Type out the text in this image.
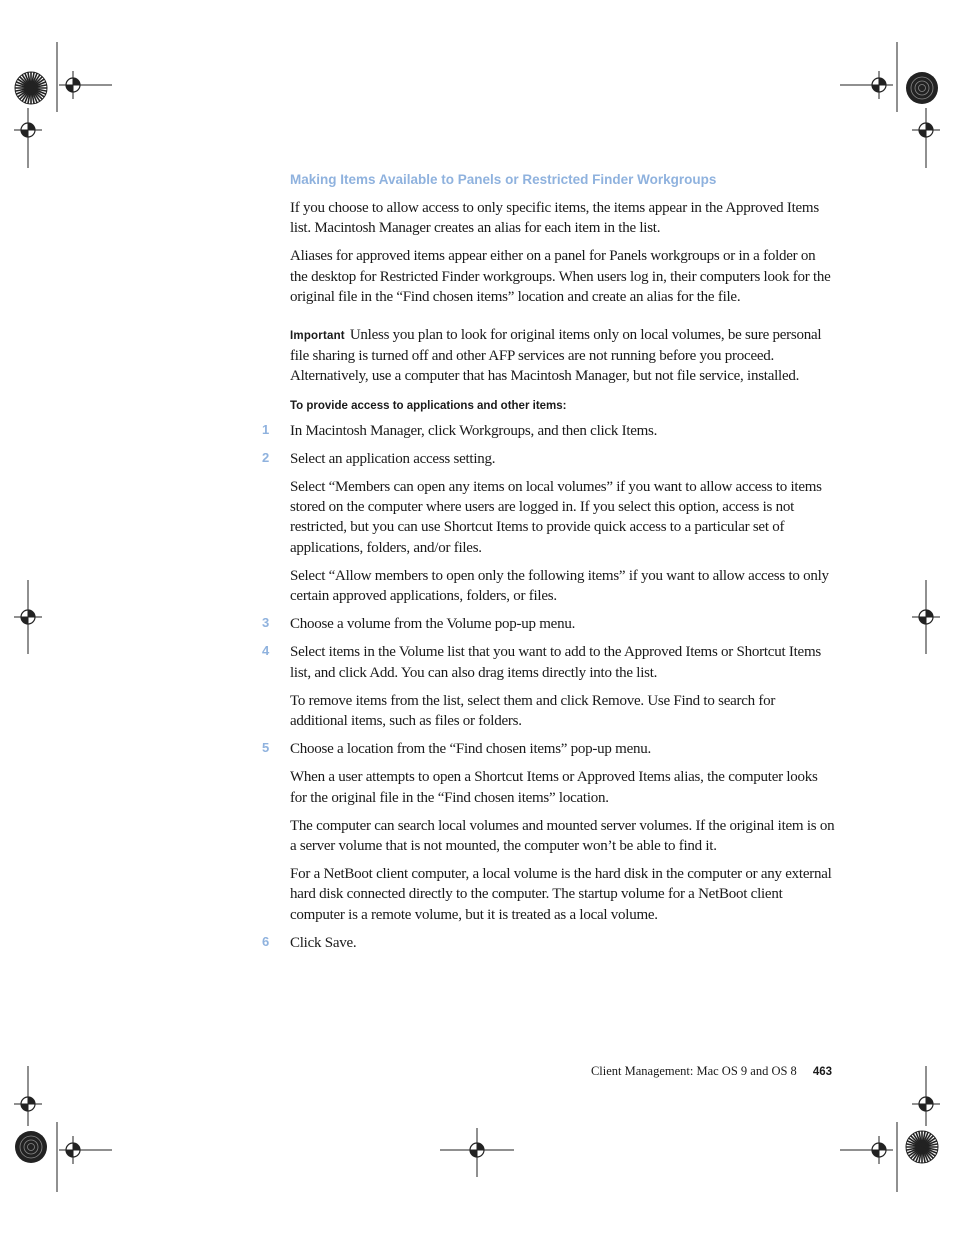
Making Items Available to Panels or Restricted Finder Workgroups

If you choose to allow access to only specific items, the items appear in the Approved Items list. Macintosh Manager creates an alias for each item in the list.

Aliases for approved items appear either on a panel for Panels workgroups or in a folder on the desktop for Restricted Finder workgroups. When users log in, their computers look for the original file in the “Find chosen items” location and create an alias for the file.

Important Unless you plan to look for original items only on local volumes, be sure personal file sharing is turned off and other AFP services are not running before you proceed. Alternatively, use a computer that has Macintosh Manager, but not file service, installed.

To provide access to applications and other items:
1 In Macintosh Manager, click Workgroups, and then click Items.

2 Select an application access setting.

Select “Members can open any items on local volumes” if you want to allow access to items stored on the computer where users are logged in. If you select this option, access is not restricted, but you can use Shortcut Items to provide quick access to a particular set of applications, folders, and/or files.

Select “Allow members to open only the following items” if you want to allow access to only certain approved applications, folders, or files.

3 Choose a volume from the Volume pop-up menu.

4 Select items in the Volume list that you want to add to the Approved Items or Shortcut Items list, and click Add. You can also drag items directly into the list.

To remove items from the list, select them and click Remove. Use Find to search for additional items, such as files or folders.

5 Choose a location from the “Find chosen items” pop-up menu.

When a user attempts to open a Shortcut Items or Approved Items alias, the computer looks for the original file in the “Find chosen items” location.

The computer can search local volumes and mounted server volumes. If the original item is on a server volume that is not mounted, the computer won’t be able to find it.

For a NetBoot client computer, a local volume is the hard disk in the computer or any external hard disk connected directly to the computer. The startup volume for a NetBoot client computer is a remote volume, but it is treated as a local volume.

6 Click Save.

Client Management: Mac OS 9 and OS 8 463
